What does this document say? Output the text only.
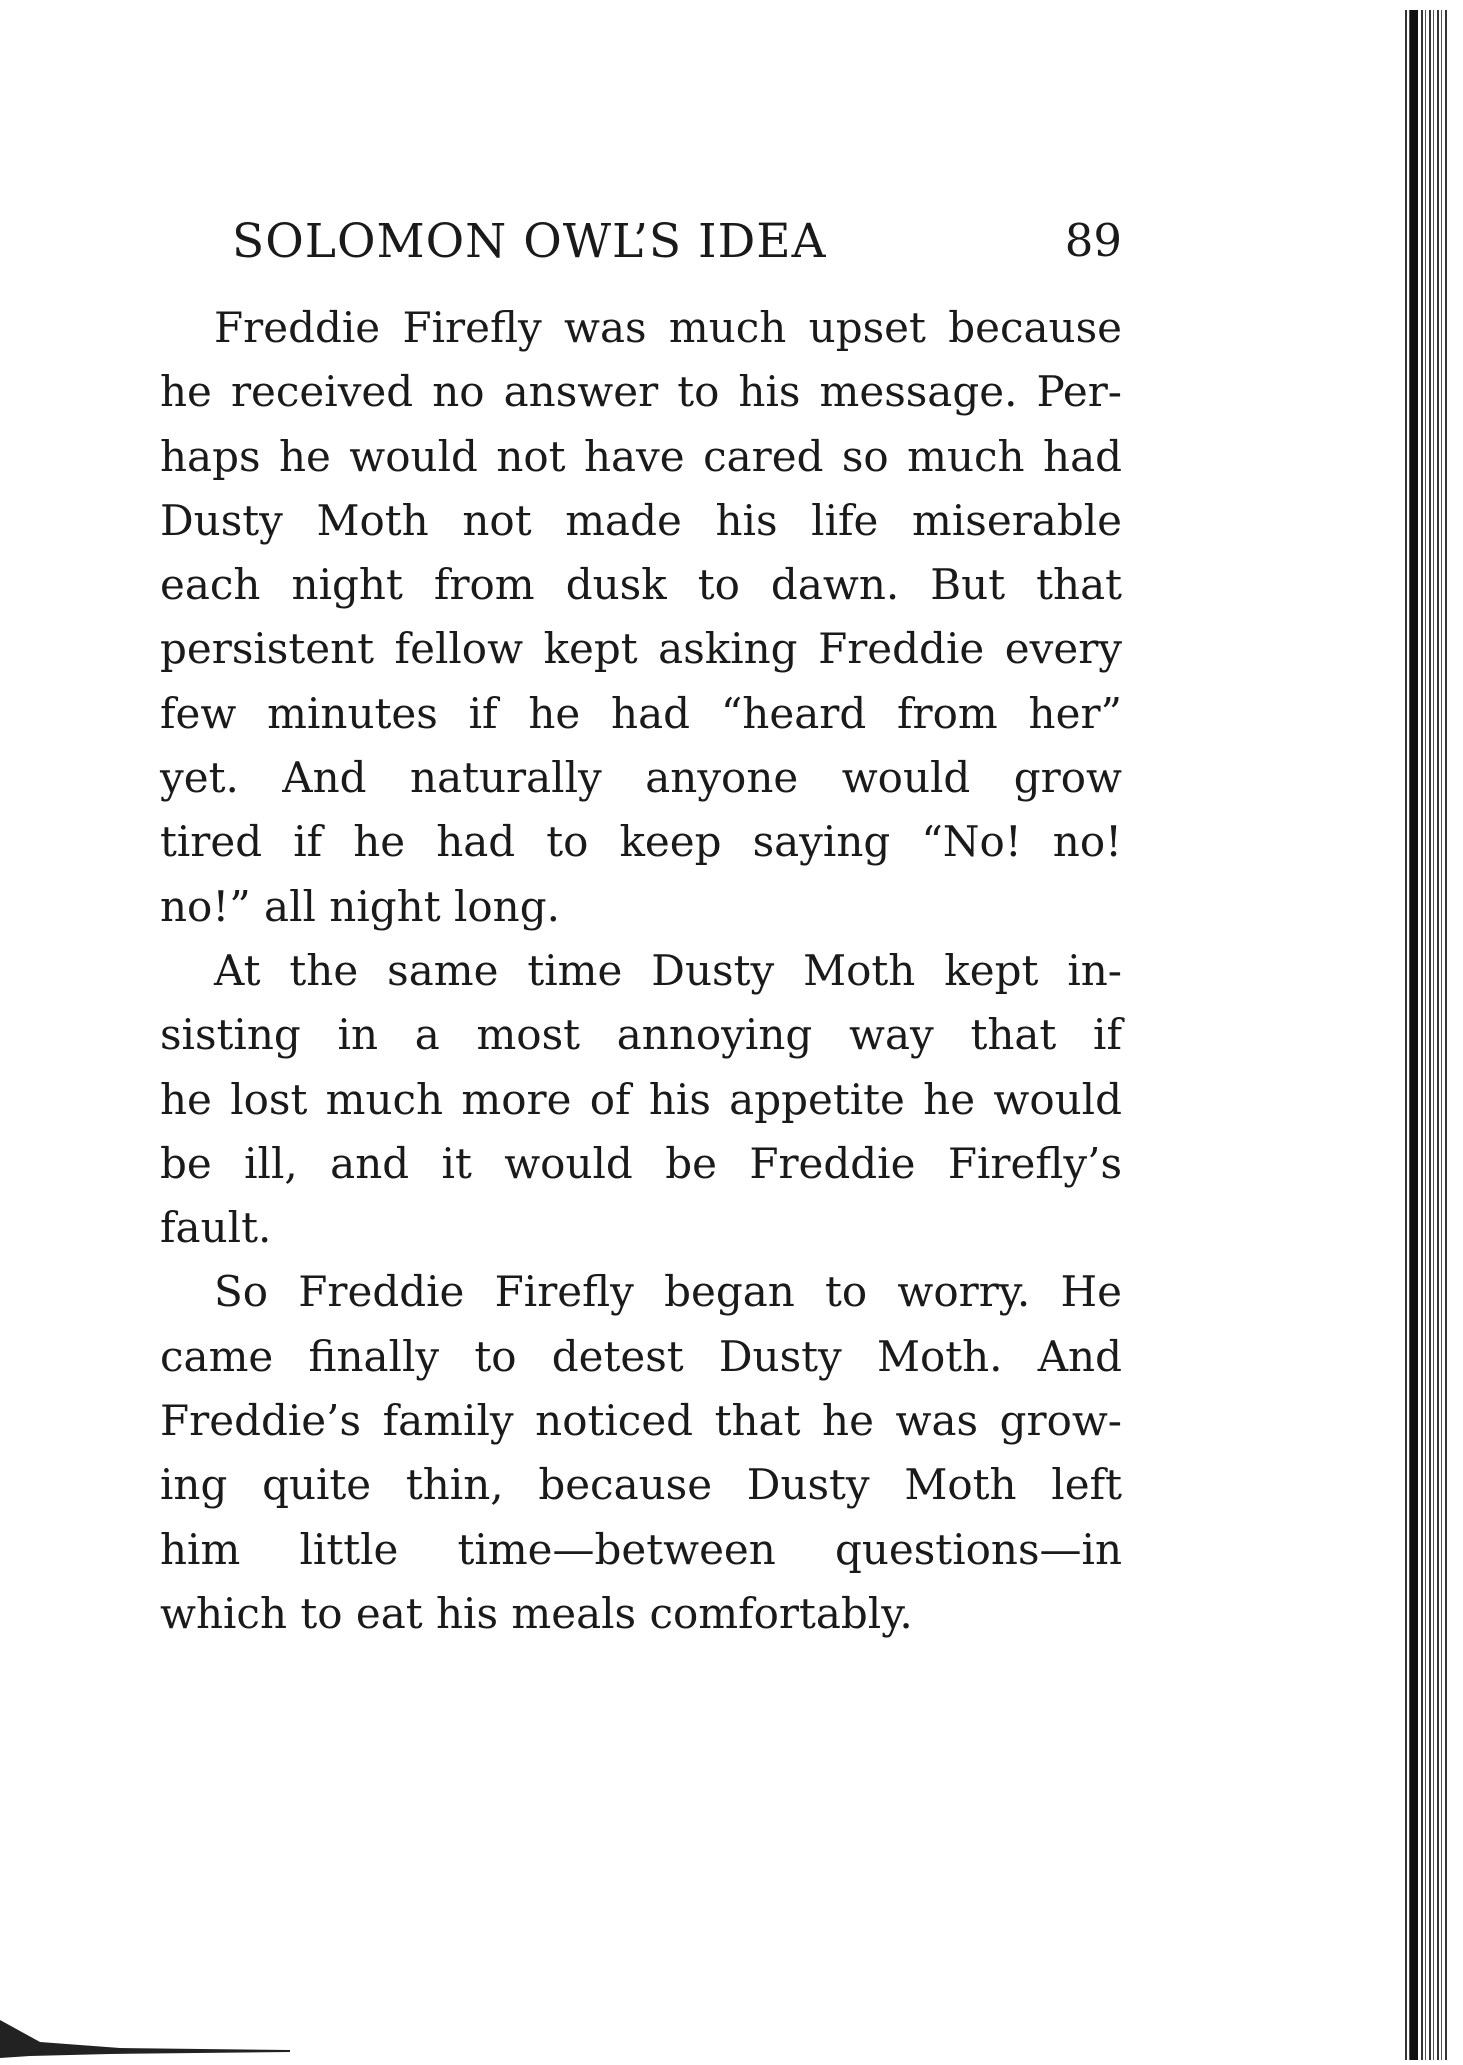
SOLOMON OWL’S IDEA	89
Freddie Firefly was much upset because
he received no answer to his message. Per-
haps he would not have cared so much had
Dusty Moth not made his life miserable
each night from dusk to dawn. But that
persistent fellow kept asking Freddie every
few minutes if he had “heard from her”
yet. And naturally anyone would grow
tired if he had to keep saying “No! no!
no!” all night long.
At the same time Dusty Moth kept in-
sisting in a most annoying way that if
he lost much more of his appetite he would
be ill, and it would be Freddie Firefly’s
fault.
So Freddie Firefly began to worry. He
came finally to detest Dusty Moth. And
Freddie’s family noticed that he was grow-
ing quite thin, because Dusty Moth left
him little time—between questions—in
which to eat his meals comfortably.
